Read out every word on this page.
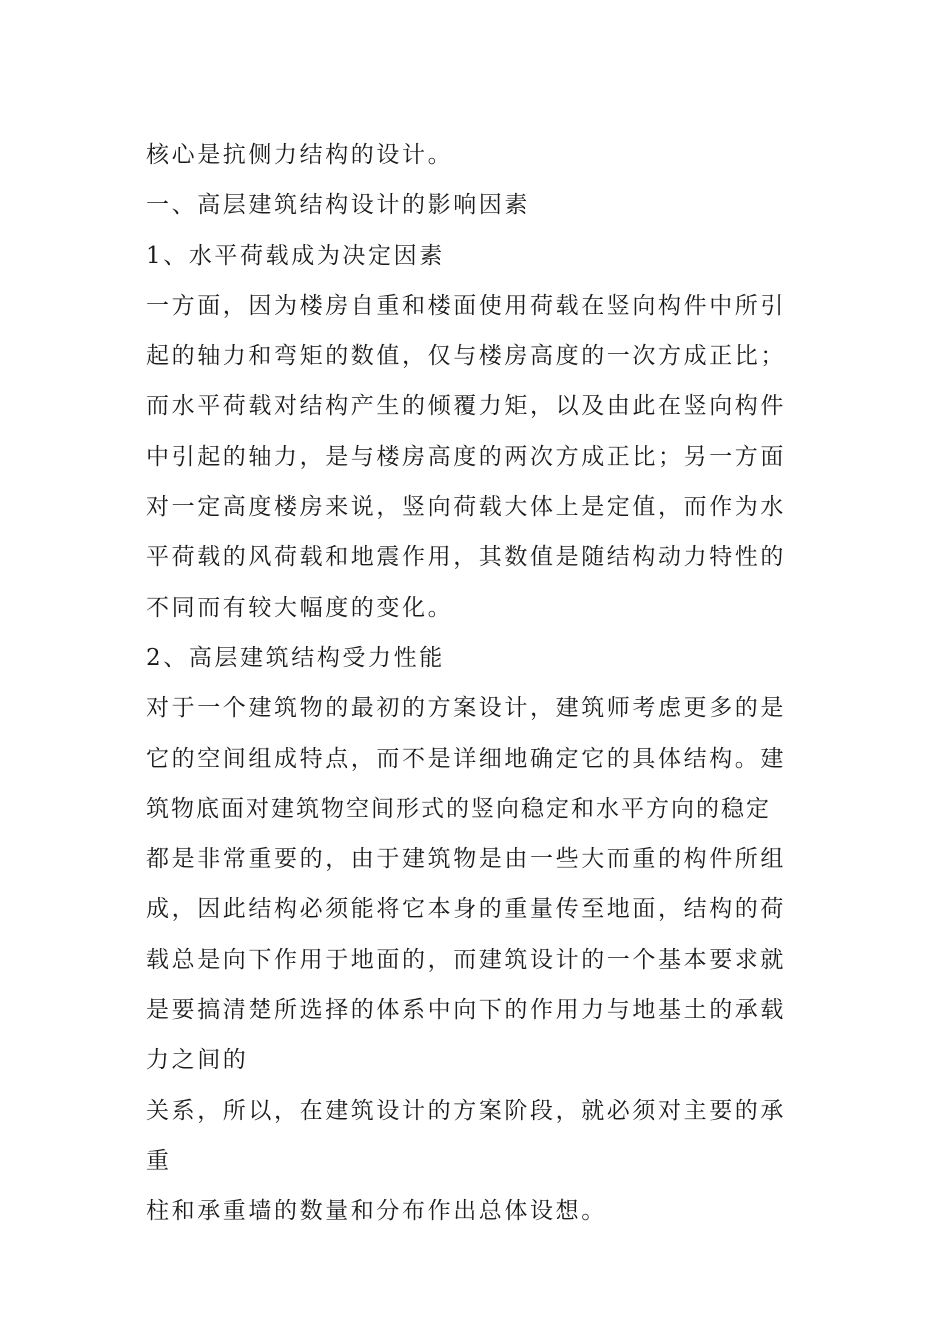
核心是抗侧力结构的设计。
一、高层建筑结构设计的影响因素
1、水平荷载成为决定因素
一方面，因为楼房自重和楼面使用荷载在竖向构件中所引
起的轴力和弯矩的数值，仅与楼房高度的一次方成正比；
而水平荷载对结构产生的倾覆力矩，以及由此在竖向构件
中引起的轴力，是与楼房高度的两次方成正比；另一方面
对一定高度楼房来说，竖向荷载大体上是定值，而作为水
平荷载的风荷载和地震作用，其数值是随结构动力特性的
不同而有较大幅度的变化。
2、高层建筑结构受力性能
对于一个建筑物的最初的方案设计，建筑师考虑更多的是
它的空间组成特点，而不是详细地确定它的具体结构。建
筑物底面对建筑物空间形式的竖向稳定和水平方向的稳定
都是非常重要的，由于建筑物是由一些大而重的构件所组
成，因此结构必须能将它本身的重量传至地面，结构的荷
载总是向下作用于地面的，而建筑设计的一个基本要求就
是要搞清楚所选择的体系中向下的作用力与地基土的承载
力之间的
关系，所以，在建筑设计的方案阶段，就必须对主要的承
重
柱和承重墙的数量和分布作出总体设想。
